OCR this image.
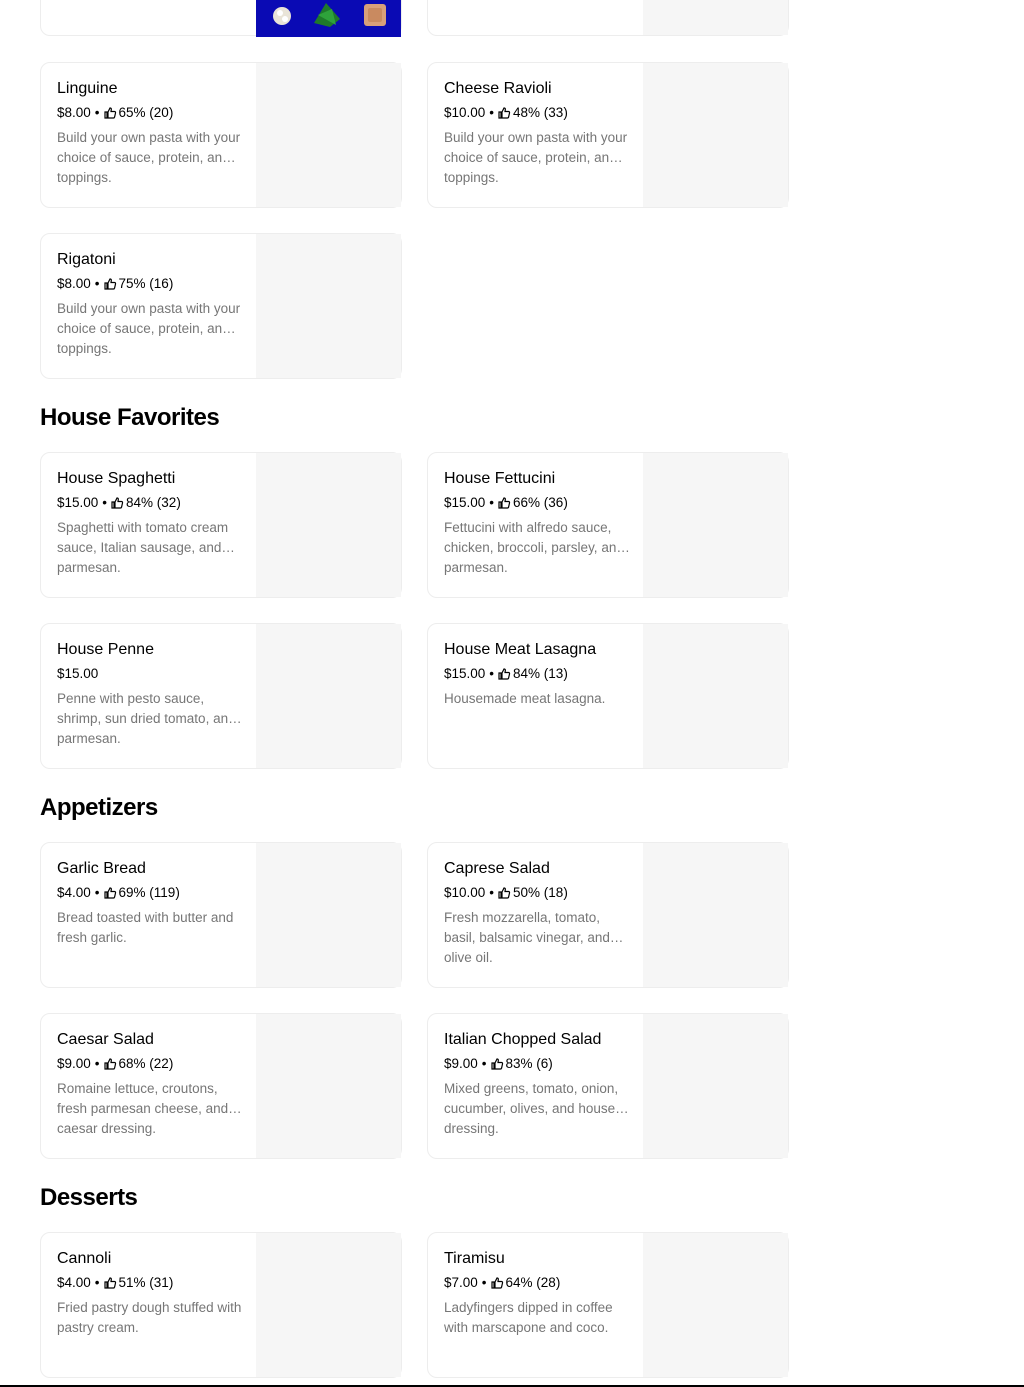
Linguine
$8.00 • 65% (20)
Build your own pasta with your choice of sauce, protein, and toppings.
Cheese Ravioli
$10.00 • 48% (33)
Build your own pasta with your choice of sauce, protein, and toppings.
Rigatoni
$8.00 • 75% (16)
Build your own pasta with your choice of sauce, protein, and toppings.
House Favorites
House Spaghetti
$15.00 • 84% (32)
Spaghetti with tomato cream sauce, Italian sausage, and parmesan.
House Fettucini
$15.00 • 66% (36)
Fettucini with alfredo sauce, chicken, broccoli, parsley, and parmesan.
House Penne
$15.00
Penne with pesto sauce, shrimp, sun dried tomato, and parmesan.
House Meat Lasagna
$15.00 • 84% (13)
Housemade meat lasagna.
Appetizers
Garlic Bread
$4.00 • 69% (119)
Bread toasted with butter and fresh garlic.
Caprese Salad
$10.00 • 50% (18)
Fresh mozzarella, tomato, basil, balsamic vinegar, and olive oil.
Caesar Salad
$9.00 • 68% (22)
Romaine lettuce, croutons, fresh parmesan cheese, and caesar dressing.
Italian Chopped Salad
$9.00 • 83% (6)
Mixed greens, tomato, onion, cucumber, olives, and house dressing.
Desserts
Cannoli
$4.00 • 51% (31)
Fried pastry dough stuffed with pastry cream.
Tiramisu
$7.00 • 64% (28)
Ladyfingers dipped in coffee with marscapone and coco.
